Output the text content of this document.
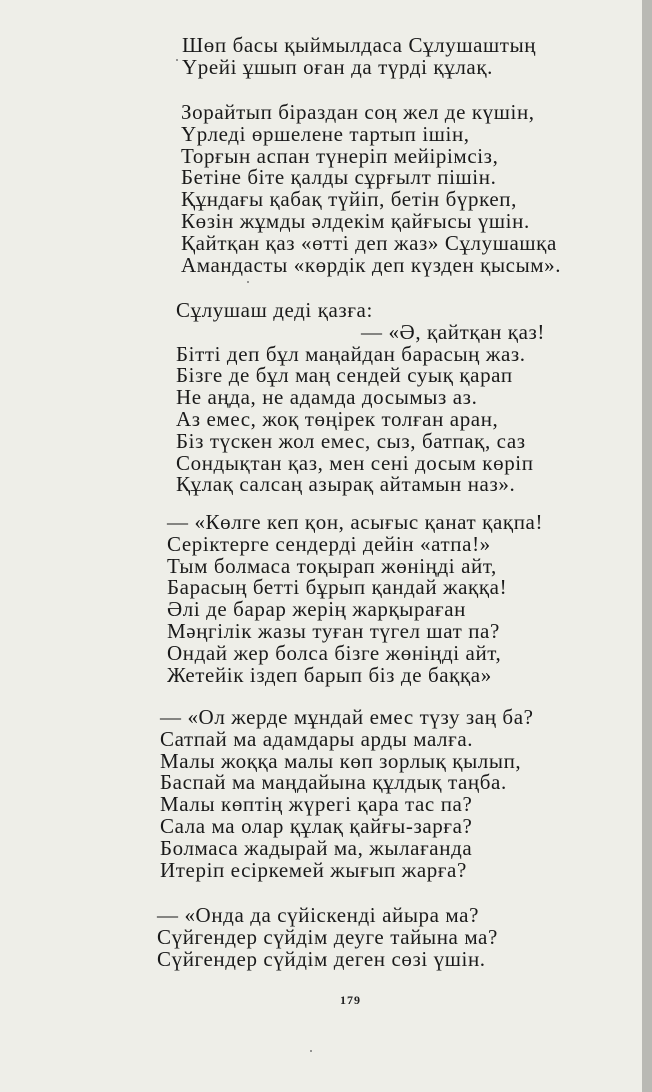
Шөп басы қыймылдаса Сұлушаштың
Үрейі ұшып оған да түрді құлақ.
Зорайтып біраздан соң жел де күшін,
Үрледі өршелене тартып ішін,
Торғын аспан түнеріп мейірімсіз,
Бетіне біте қалды сұрғылт пішін.
Құндағы қабақ түйіп, бетін бүркеп,
Көзін жұмды әлдекім қайғысы үшін.
Қайтқан қаз «өтті деп жаз» Сұлушашқа
Амандасты «көрдік деп күзден қысым».
Сұлушаш деді қазға:
— «Ә, қайтқан қаз!
Бітті деп бұл маңайдан барасың жаз.
Бізге де бұл маң сендей суық қарап
Не аңда, не адамда досымыз аз.
Аз емес, жоқ төңірек толған аран,
Біз түскен жол емес, сыз, батпақ, саз
Сондықтан қаз, мен сені досым көріп
Құлақ салсаң азырақ айтамын наз».
— «Көлге кеп қон, асығыс қанат қақпа!
Серіктерге сендерді дейін «атпа!»
Тым болмаса тоқырап жөніңді айт,
Барасың бетті бұрып қандай жаққа!
Әлі де барар жерің жарқыраған
Мәңгілік жазы туған түгел шат па?
Ондай жер болса бізге жөніңді айт,
Жетейік іздеп барып біз де баққа»
— «Ол жерде мұндай емес түзу заң ба?
Сатпай ма адамдары арды малға.
Малы жоққа малы көп зорлық қылып,
Баспай ма маңдайына құлдық таңба.
Малы көптің жүрегі қара тас па?
Сала ма олар құлақ қайғы-зарға?
Болмаса жадырай ма, жылағанда
Итеріп есіркемей жығып жарға?
— «Онда да сүйіскенді айыра ма?
Сүйгендер сүйдім деуге тайына ма?
Сүйгендер сүйдім деген сөзі үшін.
179
